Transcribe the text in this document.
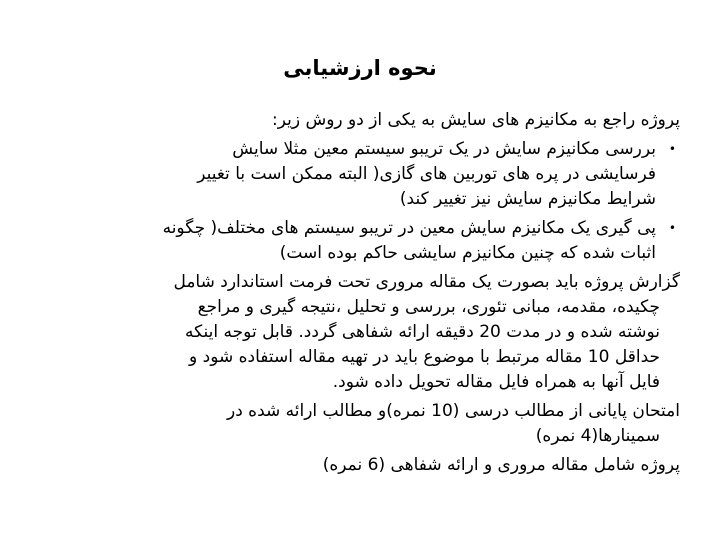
نحوه ارزشیابی
پروژه راجع به مکانیزم های سایش به یکی از دو روش زیر:
•
بررسی مکانیزم سایش در یک تریبو سیستم معین مثلا سایش
فرسایشی در پره های توربین های گازی( البته ممکن است با تغییر
شرایط مکانیزم سایش نیز تغییر کند)
•
پی گیری یک مکانیزم سایش معین در تریبو سیستم های مختلف( چگونه
اثبات شده که چنین مکانیزم سایشی حاکم بوده است)
گزارش پروژه باید بصورت یک مقاله مروری تحت فرمت استاندارد شامل
چکیده، مقدمه، مبانی تئوری، بررسی و تحلیل ،نتیجه گیری و مراجع
نوشته شده و در مدت 20 دقیقه ارائه شفاهی گردد. قابل توجه اینکه
حداقل 10 مقاله مرتبط با موضوع باید در تهیه مقاله استفاده شود و
فایل آنها به همراه فایل مقاله تحویل داده شود.
امتحان پایانی از مطالب درسی (10 نمره)و مطالب ارائه شده در
سمینارها(4 نمره)
پروژه شامل مقاله مروری و ارائه شفاهی (6 نمره)
